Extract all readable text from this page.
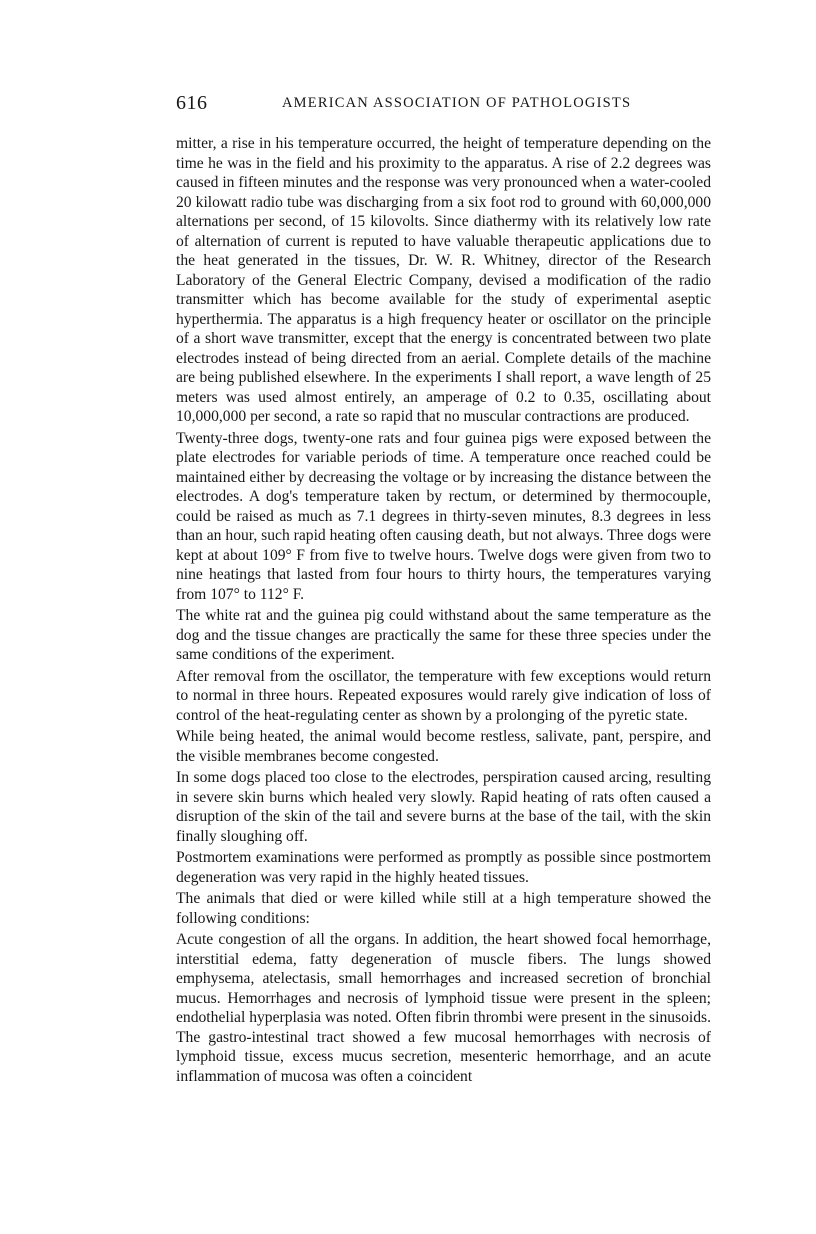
616	AMERICAN ASSOCIATION OF PATHOLOGISTS

mitter, a rise in his temperature occurred, the height of temperature depending on the time he was in the field and his proximity to the apparatus. A rise of 2.2 degrees was caused in fifteen minutes and the response was very pronounced when a water-cooled 20 kilowatt radio tube was discharging from a six foot rod to ground with 60,000,000 alternations per second, of 15 kilovolts. Since diathermy with its relatively low rate of alternation of current is reputed to have valuable therapeutic applications due to the heat generated in the tissues, Dr. W. R. Whitney, director of the Research Laboratory of the General Electric Company, devised a modification of the radio transmitter which has become available for the study of experimental aseptic hyperthermia. The apparatus is a high frequency heater or oscillator on the principle of a short wave transmitter, except that the energy is concentrated between two plate electrodes instead of being directed from an aerial. Complete details of the machine are being published elsewhere. In the experiments I shall report, a wave length of 25 meters was used almost entirely, an amperage of 0.2 to 0.35, oscillating about 10,000,000 per second, a rate so rapid that no muscular contractions are produced.

Twenty-three dogs, twenty-one rats and four guinea pigs were exposed between the plate electrodes for variable periods of time. A temperature once reached could be maintained either by decreasing the voltage or by increasing the distance between the electrodes. A dog's temperature taken by rectum, or determined by thermocouple, could be raised as much as 7.1 degrees in thirty-seven minutes, 8.3 degrees in less than an hour, such rapid heating often causing death, but not always. Three dogs were kept at about 109° F from five to twelve hours. Twelve dogs were given from two to nine heatings that lasted from four hours to thirty hours, the temperatures varying from 107° to 112° F.

The white rat and the guinea pig could withstand about the same temperature as the dog and the tissue changes are practically the same for these three species under the same conditions of the experiment.

After removal from the oscillator, the temperature with few exceptions would return to normal in three hours. Repeated exposures would rarely give indication of loss of control of the heat-regulating center as shown by a prolonging of the pyretic state.

While being heated, the animal would become restless, salivate, pant, perspire, and the visible membranes become congested.

In some dogs placed too close to the electrodes, perspiration caused arcing, resulting in severe skin burns which healed very slowly. Rapid heating of rats often caused a disruption of the skin of the tail and severe burns at the base of the tail, with the skin finally sloughing off.

Postmortem examinations were performed as promptly as possible since postmortem degeneration was very rapid in the highly heated tissues.

The animals that died or were killed while still at a high temperature showed the following conditions:

Acute congestion of all the organs. In addition, the heart showed focal hemorrhage, interstitial edema, fatty degeneration of muscle fibers. The lungs showed emphysema, atelectasis, small hemorrhages and increased secretion of bronchial mucus. Hemorrhages and necrosis of lymphoid tissue were present in the spleen; endothelial hyperplasia was noted. Often fibrin thrombi were present in the sinusoids. The gastro-intestinal tract showed a few mucosal hemorrhages with necrosis of lymphoid tissue, excess mucus secretion, mesenteric hemorrhage, and an acute inflammation of mucosa was often a coincident
